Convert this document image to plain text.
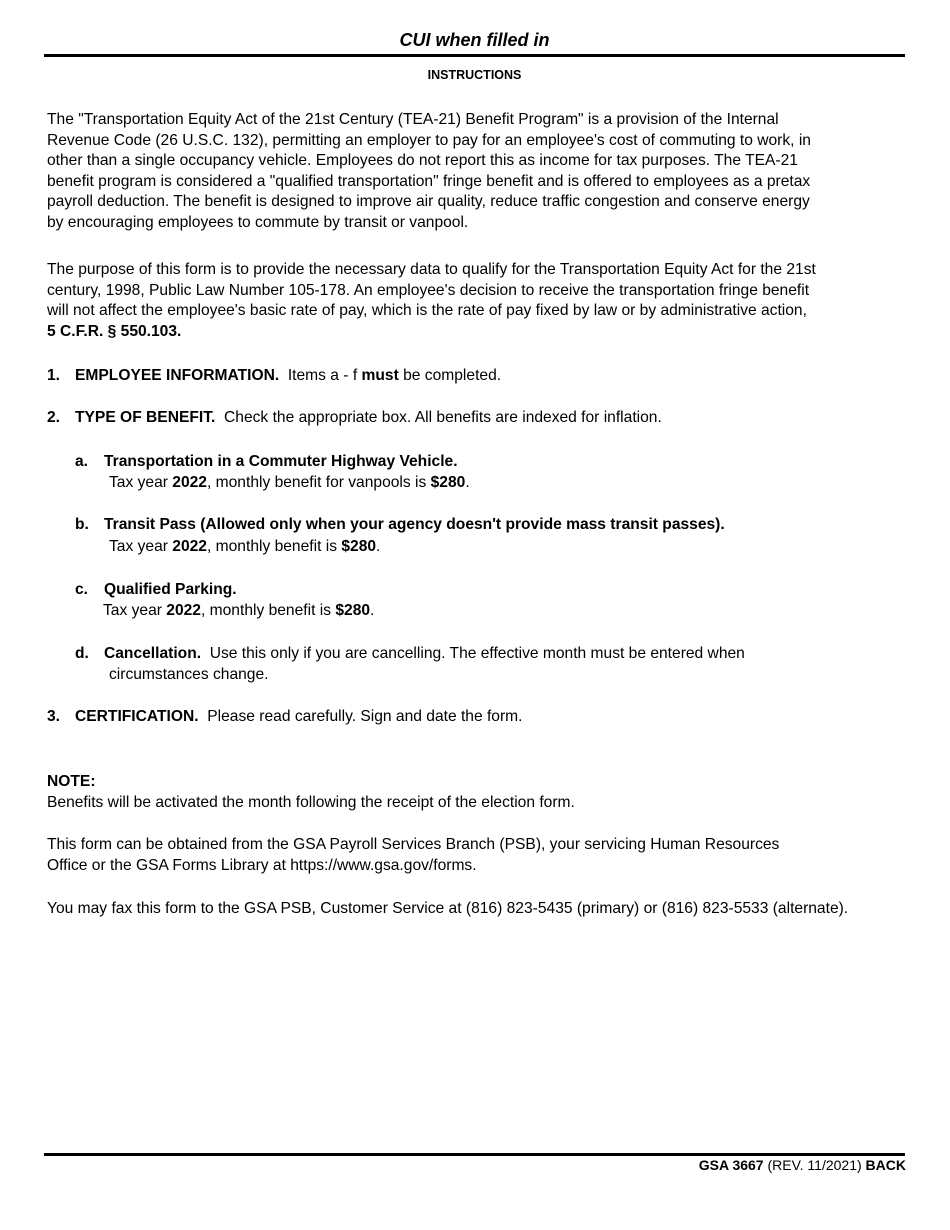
CUI when filled in
INSTRUCTIONS
The "Transportation Equity Act of the 21st Century (TEA-21) Benefit Program" is a provision of the Internal
Revenue Code (26 U.S.C. 132), permitting an employer to pay for an employee's cost of commuting to work, in
other than a single occupancy vehicle. Employees do not report this as income for tax purposes. The TEA-21
benefit program is considered a "qualified transportation" fringe benefit and is offered to employees as a pretax
payroll deduction. The benefit is designed to improve air quality, reduce traffic congestion and conserve energy
by encouraging employees to commute by transit or vanpool.
The purpose of this form is to provide the necessary data to qualify for the Transportation Equity Act for the 21st
century, 1998, Public Law Number 105-178. An employee's decision to receive the transportation fringe benefit
will not affect the employee's basic rate of pay, which is the rate of pay fixed by law or by administrative action,
5 C.F.R. § 550.103.
1. EMPLOYEE INFORMATION. Items a - f must be completed.
2. TYPE OF BENEFIT. Check the appropriate box. All benefits are indexed for inflation.
a. Transportation in a Commuter Highway Vehicle.
Tax year 2022, monthly benefit for vanpools is $280.
b. Transit Pass (Allowed only when your agency doesn't provide mass transit passes).
Tax year 2022, monthly benefit is $280.
c. Qualified Parking.
Tax year 2022, monthly benefit is $280.
d. Cancellation. Use this only if you are cancelling. The effective month must be entered when
circumstances change.
3. CERTIFICATION. Please read carefully. Sign and date the form.
NOTE:
Benefits will be activated the month following the receipt of the election form.
This form can be obtained from the GSA Payroll Services Branch (PSB), your servicing Human Resources
Office or the GSA Forms Library at https://www.gsa.gov/forms.
You may fax this form to the GSA PSB, Customer Service at (816) 823-5435 (primary) or (816) 823-5533 (alternate).
GSA 3667 (REV. 11/2021) BACK
